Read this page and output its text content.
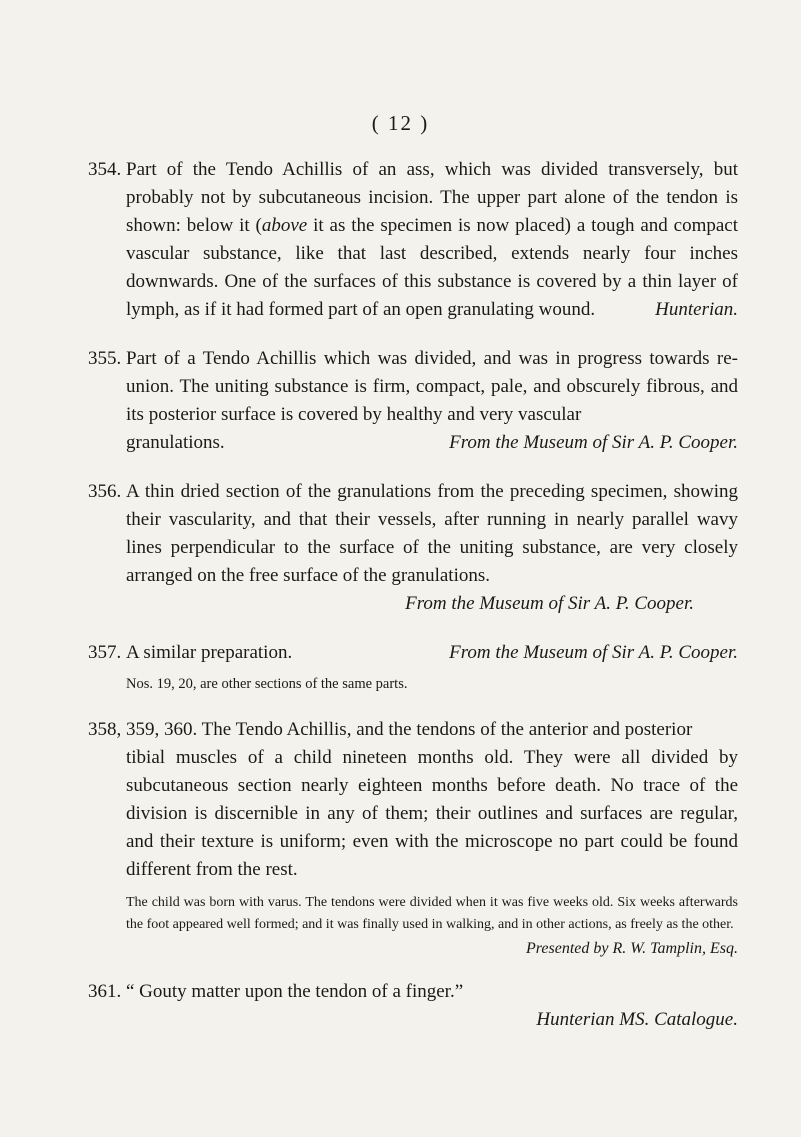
( 12 )
354. Part of the Tendo Achillis of an ass, which was divided transversely, but probably not by subcutaneous incision. The upper part alone of the tendon is shown: below it (above it as the specimen is now placed) a tough and compact vascular substance, like that last described, extends nearly four inches downwards. One of the surfaces of this substance is covered by a thin layer of lymph, as if it had formed part of an open granulating wound.	Hunterian.
355. Part of a Tendo Achillis which was divided, and was in progress towards re-union. The uniting substance is firm, compact, pale, and obscurely fibrous, and its posterior surface is covered by healthy and very vascular

granulations.	From the Museum of Sir A. P. Cooper.
356. A thin dried section of the granulations from the preceding specimen, showing their vascularity, and that their vessels, after running in nearly parallel wavy lines perpendicular to the surface of the uniting substance, are very closely arranged on the free surface of the granulations.

From the Museum of Sir A. P. Cooper.
357. A similar preparation.	From the Museum of Sir A. P. Cooper.
Nos. 19, 20, are other sections of the same parts.
358, 359, 360. The Tendo Achillis, and the tendons of the anterior and posterior
tibial muscles of a child nineteen months old. They were all divided by subcutaneous section nearly eighteen months before death. No trace of the division is discernible in any of them; their outlines and surfaces are regular, and their texture is uniform; even with the microscope no part could be found different from the rest.
The child was born with varus. The tendons were divided when it was five weeks old. Six weeks afterwards the foot appeared well formed; and it was finally used in walking, and in other actions, as freely as the other.
Presented by R. W. Tamplin, Esq.
361. “ Gouty matter upon the tendon of a finger.”

Hunterian MS. Catalogue.
